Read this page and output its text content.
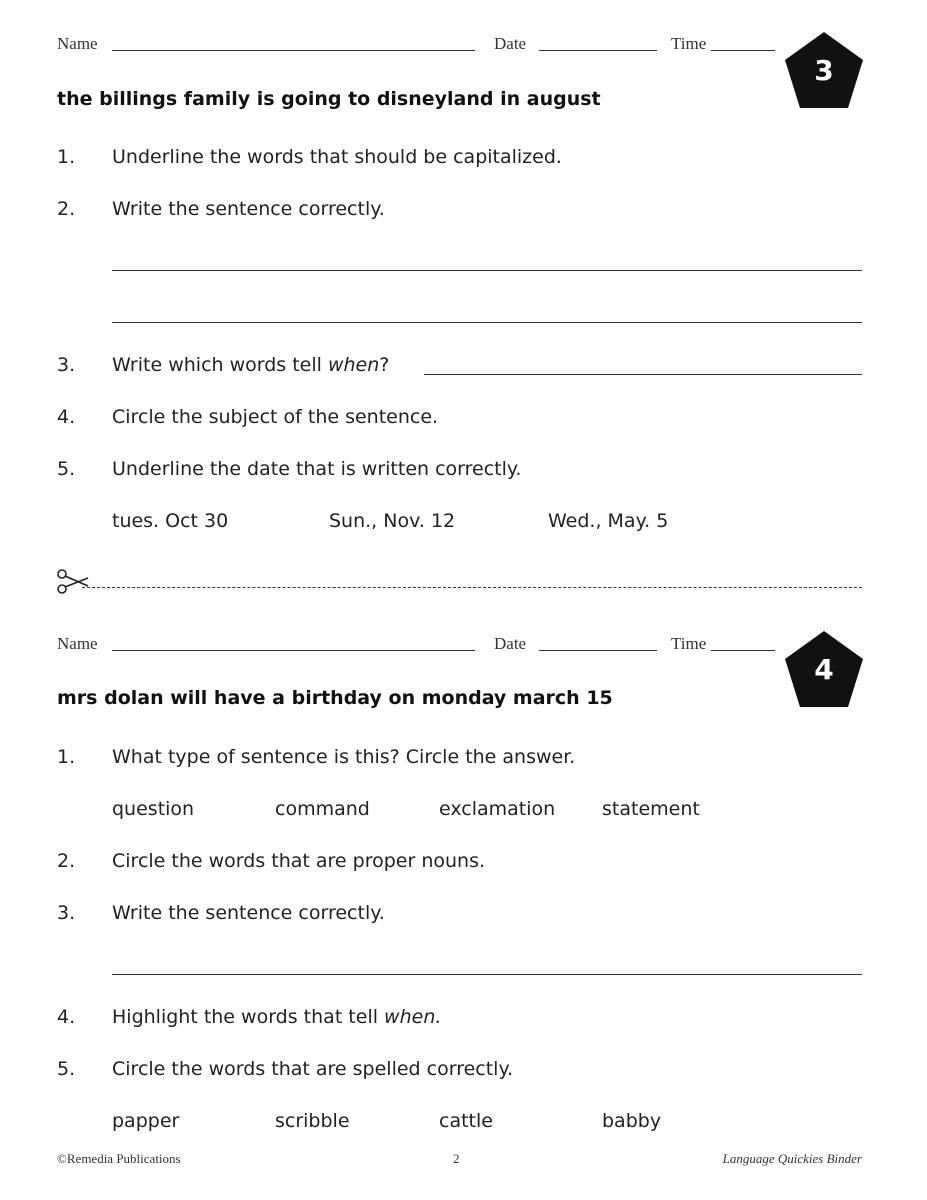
Name	Date	Time
3
the billings family is going to disneyland in august
1. Underline the words that should be capitalized.
2. Write the sentence correctly.
3. Write which words tell when?
4. Circle the subject of the sentence.
5. Underline the date that is written correctly.
tues. Oct 30	Sun., Nov. 12	Wed., May. 5
Name	Date	Time
4
mrs dolan will have a birthday on monday march 15
1. What type of sentence is this? Circle the answer.
question	command	exclamation statement
2. Circle the words that are proper nouns.
3. Write the sentence correctly.
4. Highlight the words that tell when.
5. Circle the words that are spelled correctly.
papper	scribble	cattle	babby
©Remedia Publications	2	Language Quickies Binder
